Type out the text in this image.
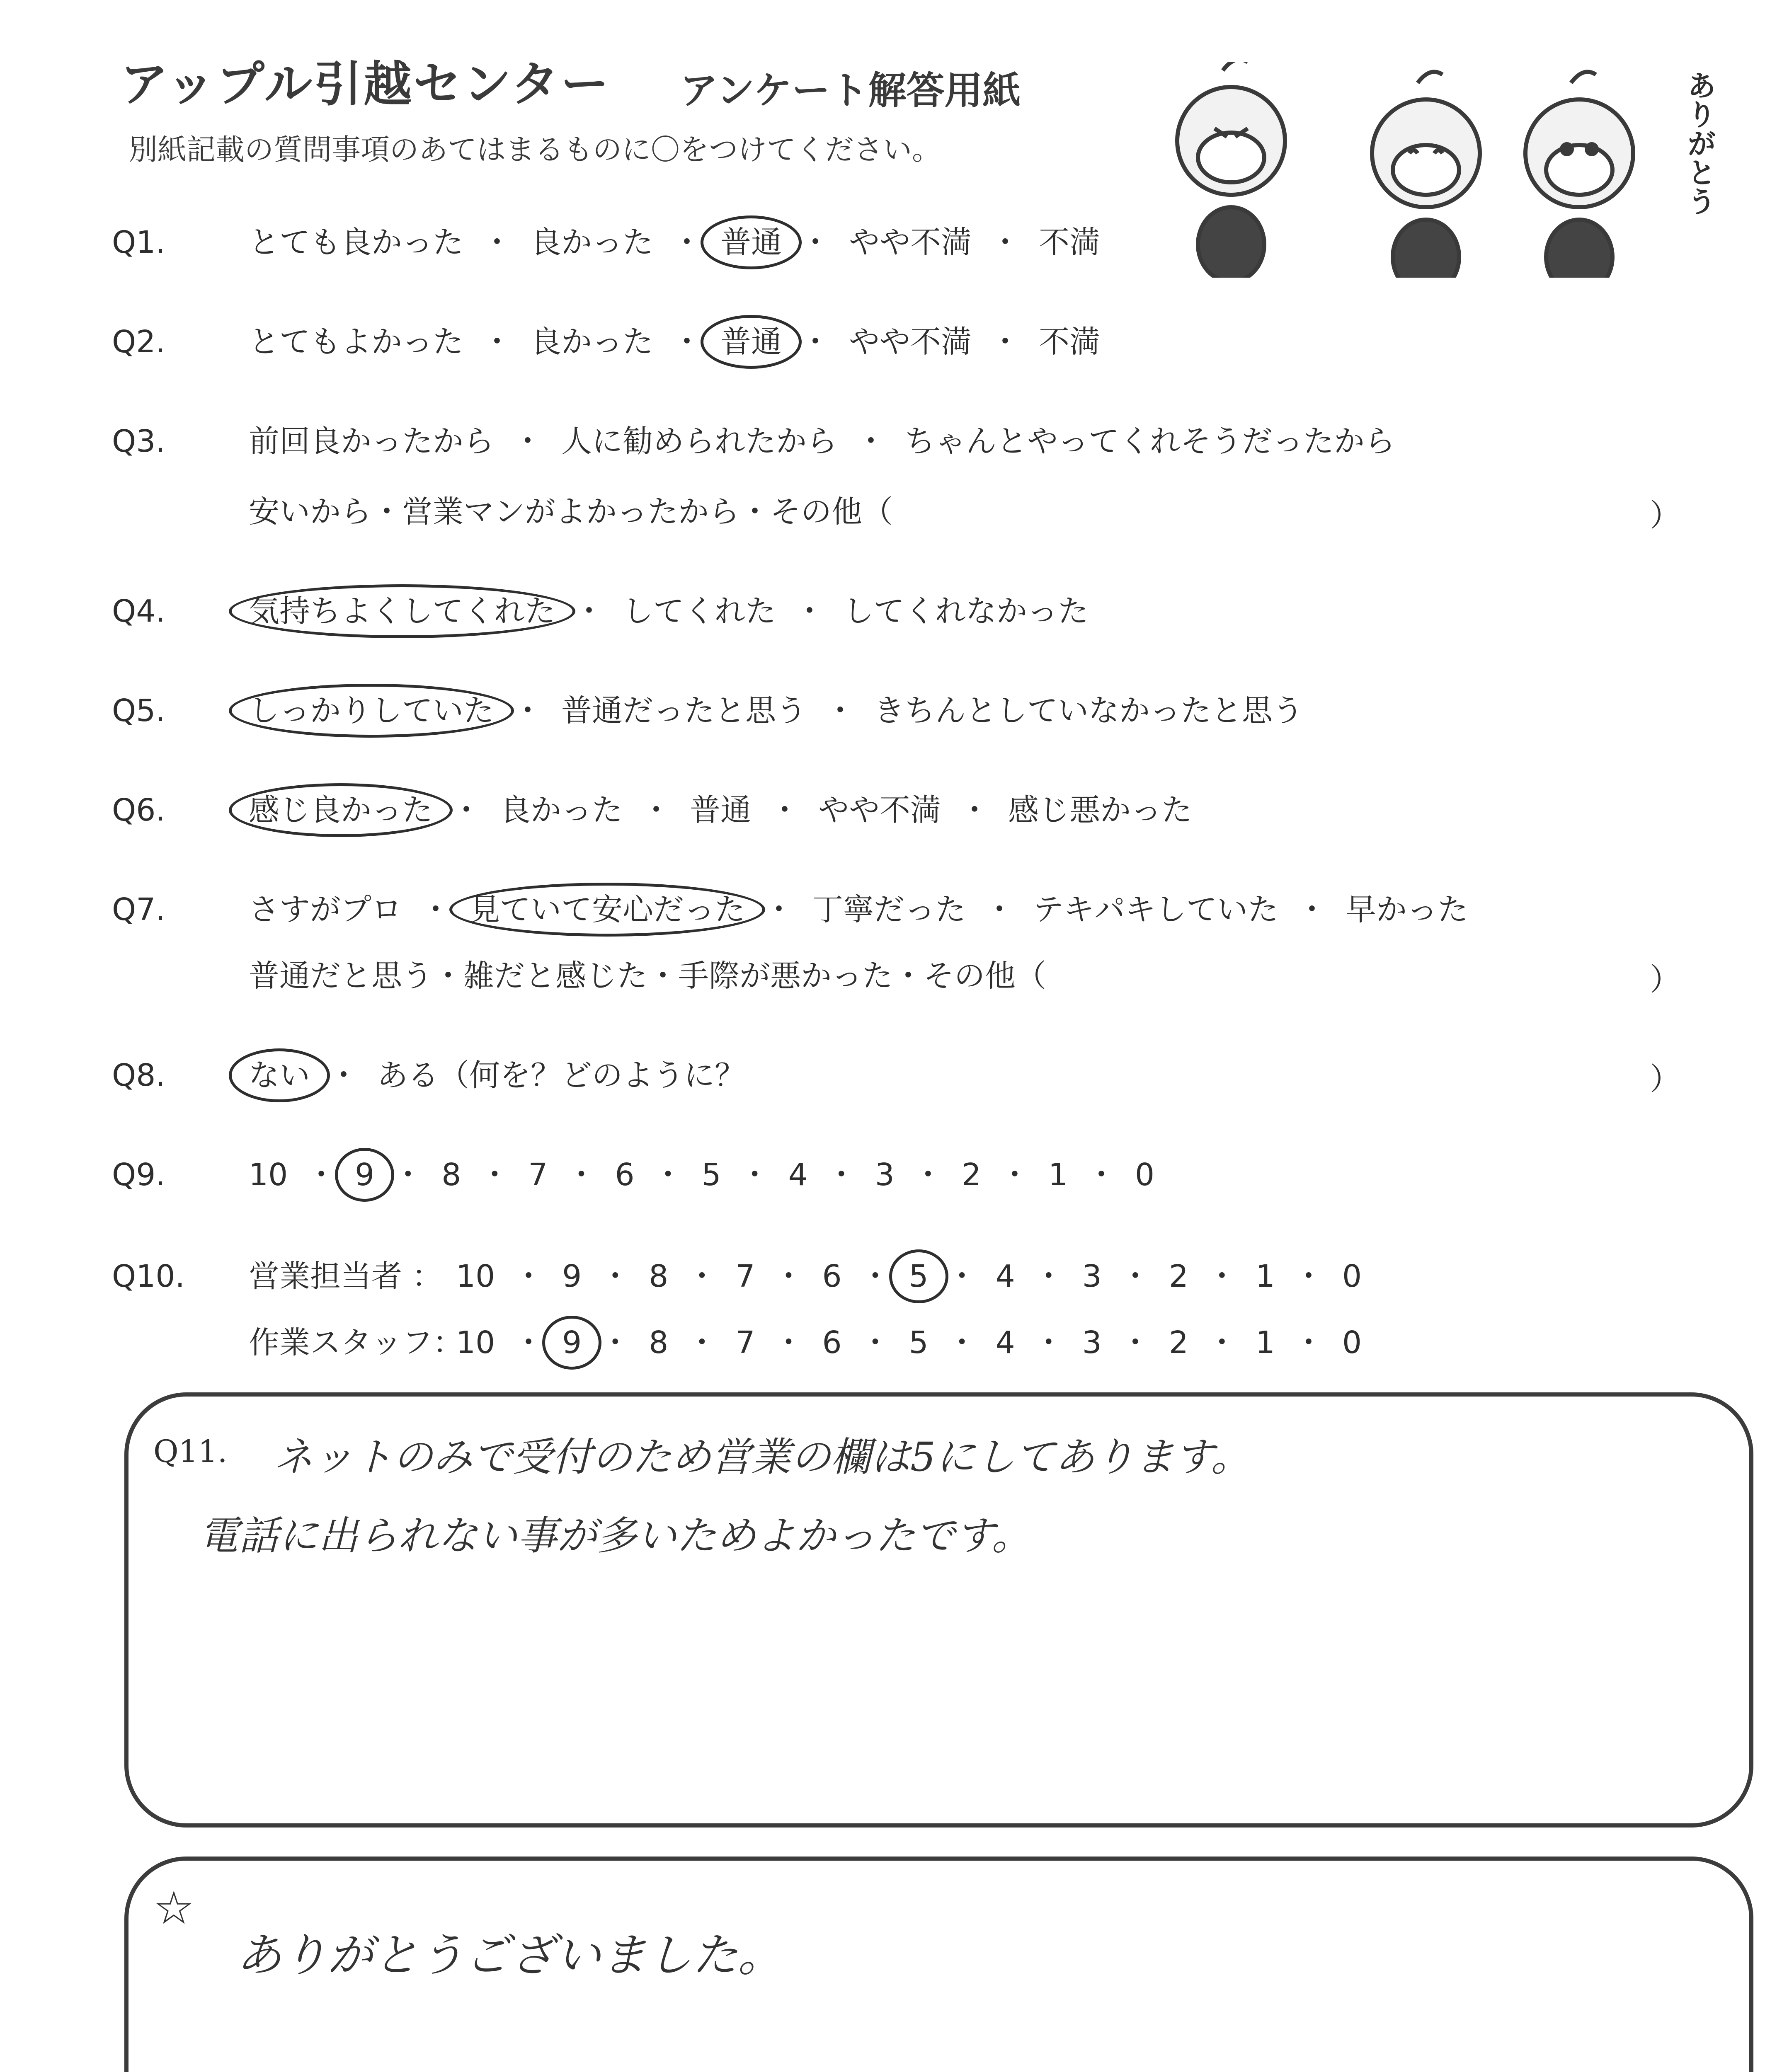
アップル引越センター アンケート解答用紙
別紙記載の質問事項のあてはまるものに〇をつけてください。	ありがとう
Q1.	とても良かった ・ 良かった ・ 普通 ・ やや不満 ・ 不満
Q2.	とてもよかった ・ 良かった ・ 普通 ・ やや不満 ・ 不満
Q3.	前回良かったから ・ 人に勧められたから ・ ちゃんとやってくれそうだったから
安いから・営業マンがよかったから・その他（	）
Q4.	気持ちよくしてくれた ・ してくれた ・ してくれなかった
Q5.	しっかりしていた ・ 普通だったと思う ・ きちんとしていなかったと思う
Q6.	感じ良かった ・ 良かった ・ 普通 ・ やや不満 ・ 感じ悪かった
Q7.	さすがプロ ・ 見ていて安心だった ・ 丁寧だった ・ テキパキしていた ・ 早かった
普通だと思う・雑だと感じた・手際が悪かった・その他（	）
Q8.	ない ・ ある（何を？どのように？	）
Q9.	10 ・ 9 ・ 8 ・ 7 ・ 6 ・ 5 ・ 4 ・ 3 ・ 2 ・ 1 ・ 0
Q10. 営業担当者 ： 10 ・ 9 ・ 8 ・ 7 ・ 6 ・ 5 ・ 4 ・ 3 ・ 2 ・ 1 ・ 0
作業スタッフ：10 ・ 9 ・ 8 ・ 7 ・ 6 ・ 5 ・ 4 ・ 3 ・ 2 ・ 1 ・ 0
Q11. ネットのみで受付のため営業の欄は5にしてあります。
電話に出られない事が多いためよかったです。
☆
ありがとうございました。
